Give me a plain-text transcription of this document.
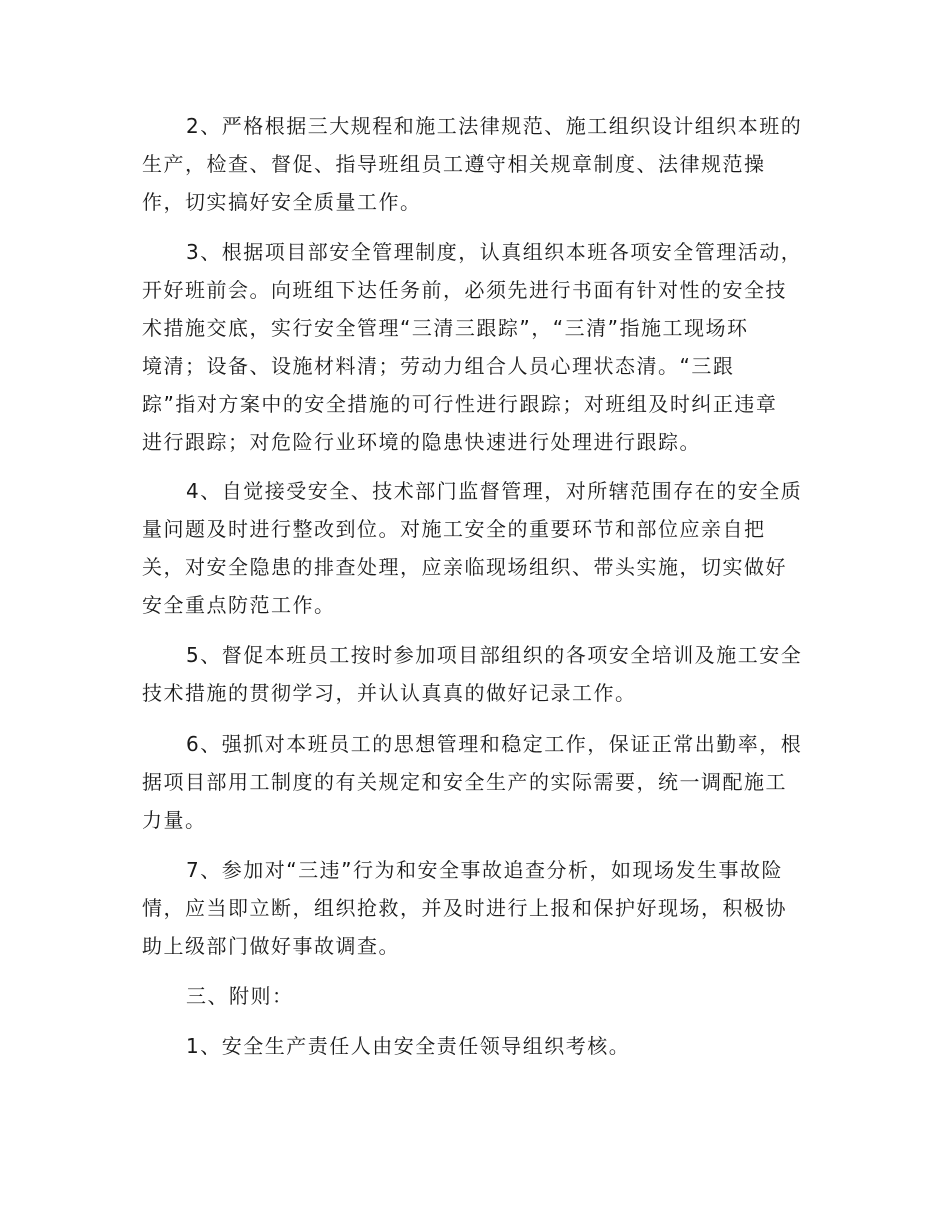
2、严格根据三大规程和施工法律规范、施工组织设计组织本班的
生产，检查、督促、指导班组员工遵守相关规章制度、法律规范操
作，切实搞好安全质量工作。

3、根据项目部安全管理制度，认真组织本班各项安全管理活动，
开好班前会。向班组下达任务前，必须先进行书面有针对性的安全技
术措施交底，实行安全管理“三清三跟踪”，“三清”指施工现场环
境清；设备、设施材料清；劳动力组合人员心理状态清。“三跟
踪”指对方案中的安全措施的可行性进行跟踪；对班组及时纠正违章
进行跟踪；对危险行业环境的隐患快速进行处理进行跟踪。

4、自觉接受安全、技术部门监督管理，对所辖范围存在的安全质
量问题及时进行整改到位。对施工安全的重要环节和部位应亲自把
关，对安全隐患的排查处理，应亲临现场组织、带头实施，切实做好
安全重点防范工作。

5、督促本班员工按时参加项目部组织的各项安全培训及施工安全
技术措施的贯彻学习，并认认真真的做好记录工作。

6、强抓对本班员工的思想管理和稳定工作，保证正常出勤率，根
据项目部用工制度的有关规定和安全生产的实际需要，统一调配施工
力量。

7、参加对“三违”行为和安全事故追查分析，如现场发生事故险
情，应当即立断，组织抢救，并及时进行上报和保护好现场，积极协
助上级部门做好事故调查。

三、附则：

1、安全生产责任人由安全责任领导组织考核。
